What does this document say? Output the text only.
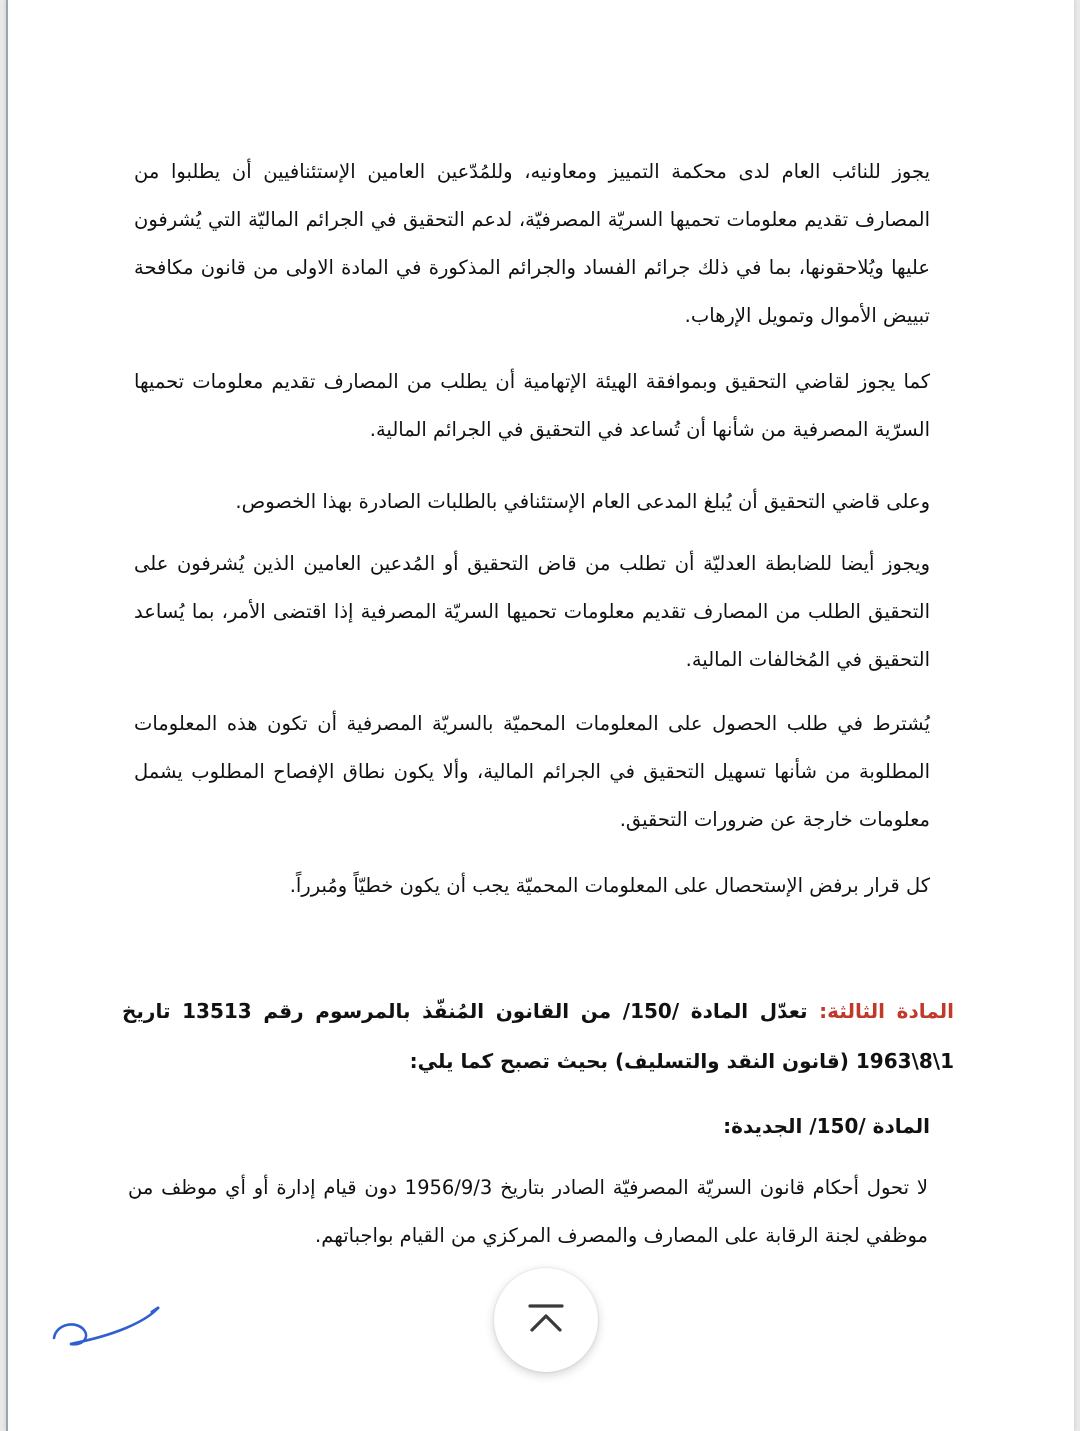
يجوز للنائب العام لدى محكمة التمييز ومعاونيه، وللمُدّعين العامين الإستئنافيين أن يطلبوا من المصارف تقديم معلومات تحميها السريّة المصرفيّة، لدعم التحقيق في الجرائم الماليّة التي يُشرفون عليها ويُلاحقونها، بما في ذلك جرائم الفساد والجرائم المذكورة في المادة الاولى من قانون مكافحة تبييض الأموال وتمويل الإرهاب.

كما يجوز لقاضي التحقيق وبموافقة الهيئة الإتهامية أن يطلب من المصارف تقديم معلومات تحميها السرّية المصرفية من شأنها أن تُساعد في التحقيق في الجرائم المالية.

وعلى قاضي التحقيق أن يُبلغ المدعى العام الإستئنافي بالطلبات الصادرة بهذا الخصوص.

ويجوز أيضا للضابطة العدليّة أن تطلب من قاض التحقيق أو المُدعين العامين الذين يُشرفون على التحقيق الطلب من المصارف تقديم معلومات تحميها السريّة المصرفية إذا اقتضى الأمر، بما يُساعد التحقيق في المُخالفات المالية.

يُشترط في طلب الحصول على المعلومات المحميّة بالسريّة المصرفية أن تكون هذه المعلومات المطلوبة من شأنها تسهيل التحقيق في الجرائم المالية، وألا يكون نطاق الإفصاح المطلوب يشمل معلومات خارجة عن ضرورات التحقيق.

كل قرار برفض الإستحصال على المعلومات المحميّة يجب أن يكون خطيّاً ومُبرراً.

المادة الثالثة: تعدّل المادة /150/ من القانون المُنفّذ بالمرسوم رقم 13513 تاريخ 1\8\1963 (قانون النقد والتسليف) بحيث تصبح كما يلي:

المادة /150/ الجديدة:

لا تحول أحكام قانون السريّة المصرفيّة الصادر بتاريخ 1956/9/3 دون قيام إدارة أو أي موظف من موظفي لجنة الرقابة على المصارف والمصرف المركزي من القيام بواجباتهم.
